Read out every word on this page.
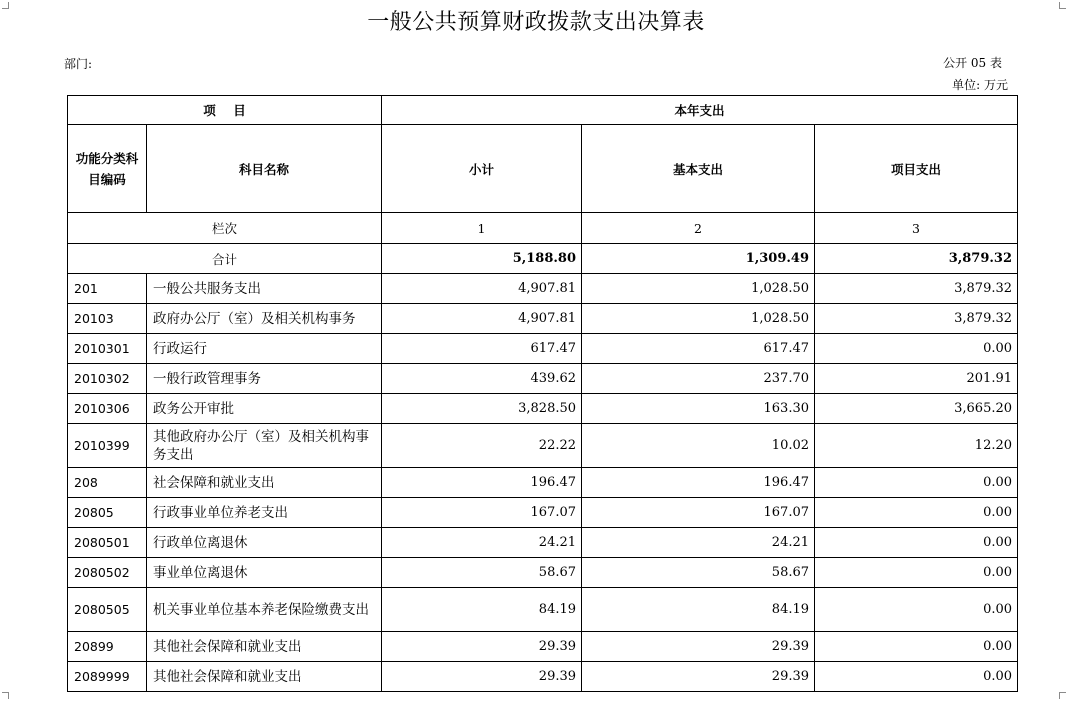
一般公共预算财政拨款支出决算表
部门:	公开 05 表
单位: 万元
项    目		本年支出		
功能分类科目编码	科目名称	小计	基本支出	项目支出
栏次		1	2	3
合计		5,188.80	1,309.49	3,879.32
201	一般公共服务支出	4,907.81	1,028.50	3,879.32
20103	政府办公厅（室）及相关机构事务	4,907.81	1,028.50	3,879.32
2010301	行政运行	617.47	617.47	0.00
2010302	一般行政管理事务	439.62	237.70	201.91
2010306	政务公开审批	3,828.50	163.30	3,665.20
2010399	其他政府办公厅（室）及相关机构事务支出	22.22	10.02	12.20
208	社会保障和就业支出	196.47	196.47	0.00
20805	行政事业单位养老支出	167.07	167.07	0.00
2080501	行政单位离退休	24.21	24.21	0.00
2080502	事业单位离退休	58.67	58.67	0.00
2080505	机关事业单位基本养老保险缴费支出	84.19	84.19	0.00
20899	其他社会保障和就业支出	29.39	29.39	0.00
2089999	其他社会保障和就业支出	29.39	29.39	0.00
